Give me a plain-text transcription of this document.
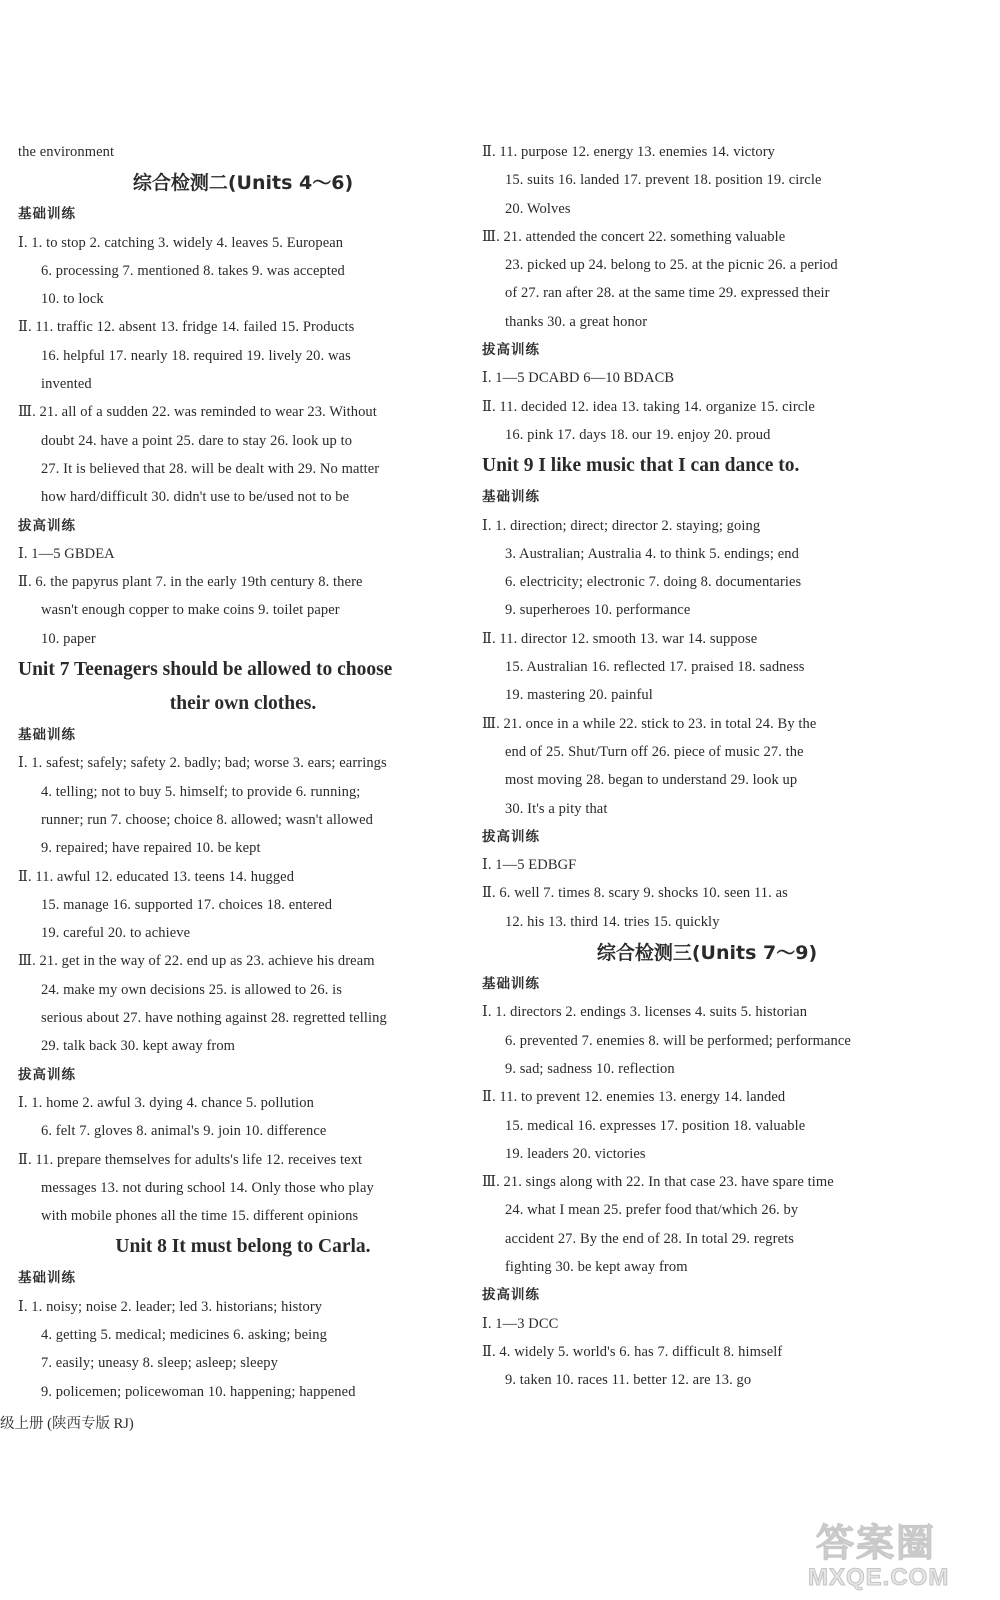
the environment
综合检测二(Units 4～6)
基础训练
Ⅰ. 1. to stop 2. catching 3. widely 4. leaves 5. European
6. processing 7. mentioned 8. takes 9. was accepted
10. to lock
Ⅱ. 11. traffic 12. absent 13. fridge 14. failed 15. Products
16. helpful 17. nearly 18. required 19. lively 20. was
invented
Ⅲ. 21. all of a sudden 22. was reminded to wear 23. Without
doubt 24. have a point 25. dare to stay 26. look up to
27. It is believed that 28. will be dealt with 29. No matter
how hard/difficult 30. didn't use to be/used not to be
拔高训练
Ⅰ. 1—5 GBDEA
Ⅱ. 6. the papyrus plant 7. in the early 19th century 8. there
wasn't enough copper to make coins 9. toilet paper
10. paper
Unit 7 Teenagers should be allowed to choose
their own clothes.
基础训练
Ⅰ. 1. safest; safely; safety 2. badly; bad; worse 3. ears; earrings
4. telling; not to buy 5. himself; to provide 6. running;
runner; run 7. choose; choice 8. allowed; wasn't allowed
9. repaired; have repaired 10. be kept
Ⅱ. 11. awful 12. educated 13. teens 14. hugged
15. manage 16. supported 17. choices 18. entered
19. careful 20. to achieve
Ⅲ. 21. get in the way of 22. end up as 23. achieve his dream
24. make my own decisions 25. is allowed to 26. is
serious about 27. have nothing against 28. regretted telling
29. talk back 30. kept away from
拔高训练
Ⅰ. 1. home 2. awful 3. dying 4. chance 5. pollution
6. felt 7. gloves 8. animal's 9. join 10. difference
Ⅱ. 11. prepare themselves for adults's life 12. receives text
messages 13. not during school 14. Only those who play
with mobile phones all the time 15. different opinions
Unit 8 It must belong to Carla.
基础训练
Ⅰ. 1. noisy; noise 2. leader; led 3. historians; history
4. getting 5. medical; medicines 6. asking; being
7. easily; uneasy 8. sleep; asleep; sleepy
9. policemen; policewoman 10. happening; happened
Ⅱ. 11. purpose 12. energy 13. enemies 14. victory
15. suits 16. landed 17. prevent 18. position 19. circle
20. Wolves
Ⅲ. 21. attended the concert 22. something valuable
23. picked up 24. belong to 25. at the picnic 26. a period
of 27. ran after 28. at the same time 29. expressed their
thanks 30. a great honor
拔高训练
Ⅰ. 1—5 DCABD 6—10 BDACB
Ⅱ. 11. decided 12. idea 13. taking 14. organize 15. circle
16. pink 17. days 18. our 19. enjoy 20. proud
Unit 9 I like music that I can dance to.
基础训练
Ⅰ. 1. direction; direct; director 2. staying; going
3. Australian; Australia 4. to think 5. endings; end
6. electricity; electronic 7. doing 8. documentaries
9. superheroes 10. performance
Ⅱ. 11. director 12. smooth 13. war 14. suppose
15. Australian 16. reflected 17. praised 18. sadness
19. mastering 20. painful
Ⅲ. 21. once in a while 22. stick to 23. in total 24. By the
end of 25. Shut/Turn off 26. piece of music 27. the
most moving 28. began to understand 29. look up
30. It's a pity that
拔高训练
Ⅰ. 1—5 EDBGF
Ⅱ. 6. well 7. times 8. scary 9. shocks 10. seen 11. as
12. his 13. third 14. tries 15. quickly
综合检测三(Units 7～9)
基础训练
Ⅰ. 1. directors 2. endings 3. licenses 4. suits 5. historian
6. prevented 7. enemies 8. will be performed; performance
9. sad; sadness 10. reflection
Ⅱ. 11. to prevent 12. enemies 13. energy 14. landed
15. medical 16. expresses 17. position 18. valuable
19. leaders 20. victories
Ⅲ. 21. sings along with 22. In that case 23. have spare time
24. what I mean 25. prefer food that/which 26. by
accident 27. By the end of 28. In total 29. regrets
fighting 30. be kept away from
拔高训练
Ⅰ. 1—3 DCC
Ⅱ. 4. widely 5. world's 6. has 7. difficult 8. himself
9. taken 10. races 11. better 12. are 13. go
级上册 (陕西专版 RJ)
答案圈
MXQE.COM
